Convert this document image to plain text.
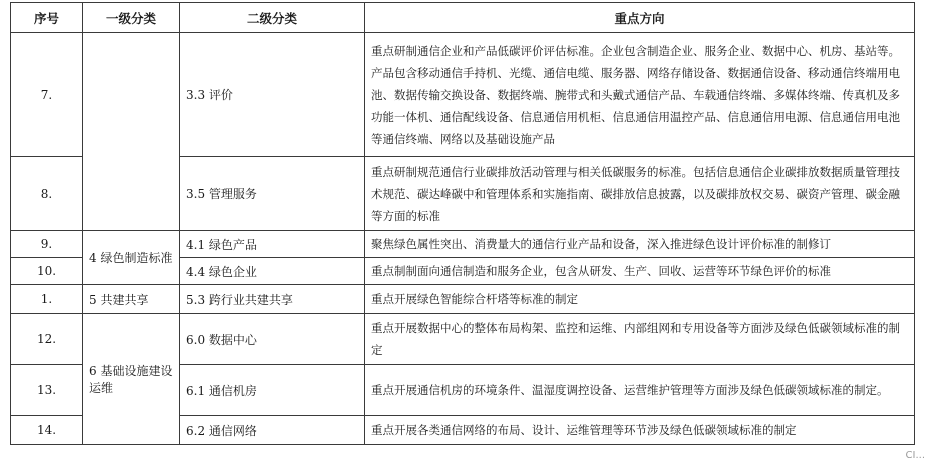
序号	一级分类	二级分类	重点方向
7.		3.3 评价	重点研制通信企业和产品低碳评价评估标准。企业包含制造企业、服务企业、数据中心、机房、基站等。产品包含移动通信手持机、光缆、通信电缆、服务器、网络存储设备、数据通信设备、移动通信终端用电池、数据传输交换设备、数据终端、腕带式和头戴式通信产品、车载通信终端、多媒体终端、传真机及多功能一体机、通信配线设备、信息通信用机柜、信息通信用温控产品、信息通信用电源、信息通信用电池等通信终端、网络以及基础设施产品
8.		3.5 管理服务	重点研制规范通信行业碳排放活动管理与相关低碳服务的标准。包括信息通信企业碳排放数据质量管理技术规范、碳达峰碳中和管理体系和实施指南、碳排放信息披露，以及碳排放权交易、碳资产管理、碳金融等方面的标准
9.	4 绿色制造标准	4.1 绿色产品	聚焦绿色属性突出、消费量大的通信行业产品和设备，深入推进绿色设计评价标准的制修订
10.		4.4 绿色企业	重点制制面向通信制造和服务企业，包含从研发、生产、回收、运营等环节绿色评价的标准
1.	5 共建共享	5.3 跨行业共建共享	重点开展绿色智能综合杆塔等标准的制定
12.	6 基础设施建设运维	6.0 数据中心	重点开展数据中心的整体布局构架、监控和运维、内部组网和专用设备等方面涉及绿色低碳领域标准的制定
13.		6.1 通信机房	重点开展通信机房的环境条件、温湿度调控设备、运营维护管理等方面涉及绿色低碳领域标准的制定。
14.		6.2 通信网络	重点开展各类通信网络的布局、设计、运维管理等环节涉及绿色低碳领域标准的制定
CI...
